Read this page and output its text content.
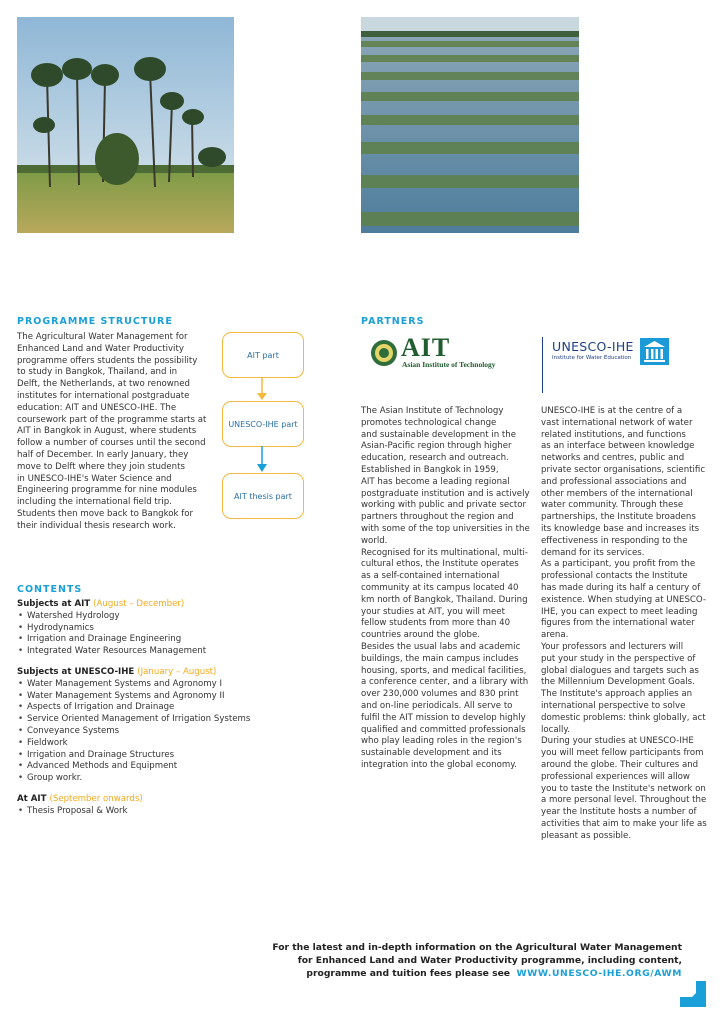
PROGRAMME STRUCTURE
The Agricultural Water Management for
Enhanced Land and Water Productivity
programme offers students the possibility
to study in Bangkok, Thailand, and in
Delft, the Netherlands, at two renowned
institutes for international postgraduate
education: AIT and UNESCO-IHE. The
coursework part of the programme starts at
AIT in Bangkok in August, where students
follow a number of courses until the second
half of December. In early January, they
move to Delft where they join students
in UNESCO-IHE's Water Science and
Engineering programme for nine modules
including the international field trip.
Students then move back to Bangkok for
their individual thesis research work.
AIT part
UNESCO-IHE part
AIT thesis part
CONTENTS
Subjects at AIT (August – December)
• Watershed Hydrology
• Hydrodynamics
• Irrigation and Drainage Engineering
• Integrated Water Resources Management
Subjects at UNESCO-IHE (January – August)
• Water Management Systems and Agronomy I
• Water Management Systems and Agronomy II
• Aspects of Irrigation and Drainage
• Service Oriented Management of Irrigation Systems
• Conveyance Systems
• Fieldwork
• Irrigation and Drainage Structures
• Advanced Methods and Equipment
• Group workr.
At AIT (September onwards)
• Thesis Proposal & Work
PARTNERS
AIT
Asian Institute of Technology
UNESCO-IHE
Institute for Water Education
The Asian Institute of Technology
promotes technological change
and sustainable development in the
Asian-Pacific region through higher
education, research and outreach.
Established in Bangkok in 1959,
AIT has become a leading regional
postgraduate institution and is actively
working with public and private sector
partners throughout the region and
with some of the top universities in the
world.
Recognised for its multinational, multi-
cultural ethos, the Institute operates
as a self-contained international
community at its campus located 40
km north of Bangkok, Thailand. During
your studies at AIT, you will meet
fellow students from more than 40
countries around the globe.
Besides the usual labs and academic
buildings, the main campus includes
housing, sports, and medical facilities,
a conference center, and a library with
over 230,000 volumes and 830 print
and on-line periodicals. All serve to
fulfil the AIT mission to develop highly
qualified and committed professionals
who play leading roles in the region's
sustainable development and its
integration into the global economy.
UNESCO-IHE is at the centre of a
vast international network of water
related institutions, and functions
as an interface between knowledge
networks and centres, public and
private sector organisations, scientific
and professional associations and
other members of the international
water community. Through these
partnerships, the Institute broadens
its knowledge base and increases its
effectiveness in responding to the
demand for its services.
As a participant, you profit from the
professional contacts the Institute
has made during its half a century of
existence. When studying at UNESCO-
IHE, you can expect to meet leading
figures from the international water
arena.
Your professors and lecturers will
put your study in the perspective of
global dialogues and targets such as
the Millennium Development Goals.
The Institute's approach applies an
international perspective to solve
domestic problems: think globally, act
locally.
During your studies at UNESCO-IHE
you will meet fellow participants from
around the globe. Their cultures and
professional experiences will allow
you to taste the Institute's network on
a more personal level. Throughout the
year the Institute hosts a number of
activities that aim to make your life as
pleasant as possible.
For the latest and in-depth information on the Agricultural Water Management
for Enhanced Land and Water Productivity programme, including content,
programme and tuition fees please see WWW.UNESCO-IHE.ORG/AWM
